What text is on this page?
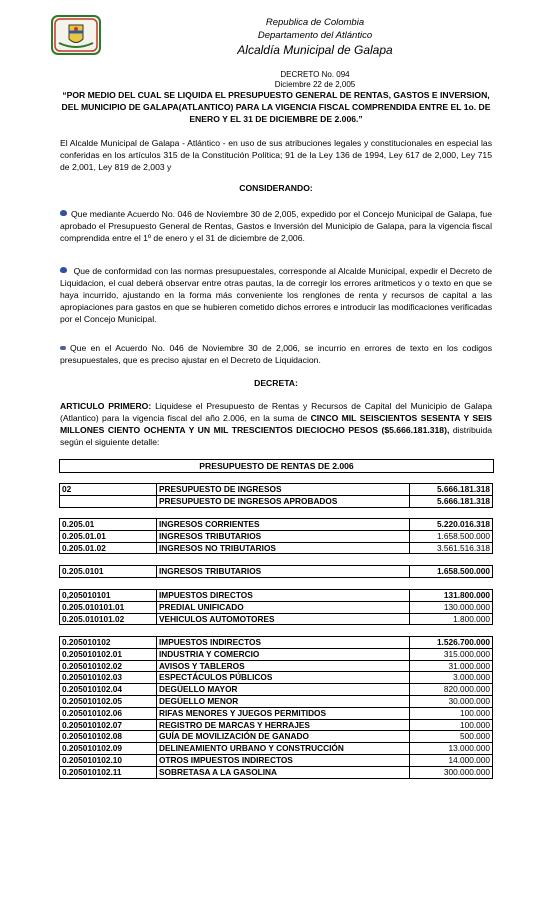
Republica de Colombia
Departamento del Atlántico
Alcaldía Municipal de Galapa
DECRETO No. 094
Diciembre 22 de 2,005
“POR MEDIO DEL CUAL SE LIQUIDA EL PRESUPUESTO GENERAL DE RENTAS, GASTOS E INVERSION, DEL MUNICIPIO DE GALAPA(ATLANTICO) PARA LA VIGENCIA FISCAL COMPRENDIDA ENTRE EL 1o. DE ENERO Y EL 31 DE DICIEMBRE DE 2.006.”

El Alcalde Municipal de Galapa - Atlántico - en uso de sus atribuciones legales y constitucionales en especial las conferidas en los artículos 315 de la Constitución Política; 91 de la Ley 136 de 1994, Ley 617 de 2,000, Ley 715 de 2,001, Ley 819 de 2,003 y

CONSIDERANDO:

Que mediante Acuerdo No. 046 de Noviembre 30 de 2,005, expedido por el Concejo Municipal de Galapa, fue aprobado el Presupuesto General de Rentas, Gastos e Inversión del Municipio de Galapa, para la vigencia fiscal comprendida entre el 1º de enero y el 31 de diciembre de 2,006.

Que de conformidad con las normas presupuestales, corresponde al Alcalde Municipal, expedir el Decreto de Liquidacion, el cual deberá observar entre otras pautas, la de corregir los errores aritmeticos y o texto en que se haya incurrido, ajustando en la forma más conveniente los renglones de renta y recursos de capital a las apropiaciones para gastos en que se hubieren cometido dichos errores e introducir las modificaciones verificadas por el Concejo Municipal.

Que en el Acuerdo No. 046 de Noviembre 30 de 2,006, se incurrio en errores de texto en los codigos presupuestales, que es preciso ajustar en el Decreto de Liquidacion.

DECRETA:

ARTICULO PRIMERO: Liquidese el Presupuesto de Rentas y Recursos de Capital del Municipio de Galapa (Atlantico) para la vigencia fiscal del año 2.006, en la suma de CINCO MIL SEISCIENTOS SESENTA Y SEIS MILLONES CIENTO OCHENTA Y UN MIL TRESCIENTOS DIECIOCHO PESOS ($5.666.181.318), distribuida según el siguiente detalle:

PRESUPUESTO DE RENTAS DE 2.006
02	PRESUPUESTO DE INGRESOS	5.666.181.318
	PRESUPUESTO DE INGRESOS APROBADOS	5.666.181.318
0.205.01	INGRESOS CORRIENTES	5.220.016.318
0.205.01.01	INGRESOS TRIBUTARIOS	1.658.500.000
0.205.01.02	INGRESOS NO TRIBUTARIOS	3.561.516.318
0.205.0101	INGRESOS TRIBUTARIOS	1.658.500.000
0,205010101	IMPUESTOS DIRECTOS	131.800.000
0.205.010101.01	PREDIAL UNIFICADO	130.000.000
0.205.010101.02	VEHICULOS AUTOMOTORES	1.800.000
0.205010102	IMPUESTOS INDIRECTOS	1.526.700.000
0.205010102.01	INDUSTRIA Y COMERCIO	315.000.000
0.205010102.02	AVISOS Y TABLEROS	31.000.000
0.205010102.03	ESPECTÁCULOS PÚBLICOS	3.000.000
0.205010102.04	DEGÜELLO MAYOR	820.000.000
0.205010102.05	DEGÜELLO MENOR	30.000.000
0.205010102.06	RIFAS MENORES Y JUEGOS PERMITIDOS	100.000
0.205010102.07	REGISTRO DE MARCAS Y HERRAJES	100.000
0.205010102.08	GUÍA DE MOVILIZACIÓN DE GANADO	500.000
0.205010102.09	DELINEAMIENTO URBANO Y CONSTRUCCIÓN	13.000.000
0.205010102.10	OTROS IMPUESTOS INDIRECTOS	14.000.000
0.205010102.11	SOBRETASA A LA GASOLINA	300.000.000
